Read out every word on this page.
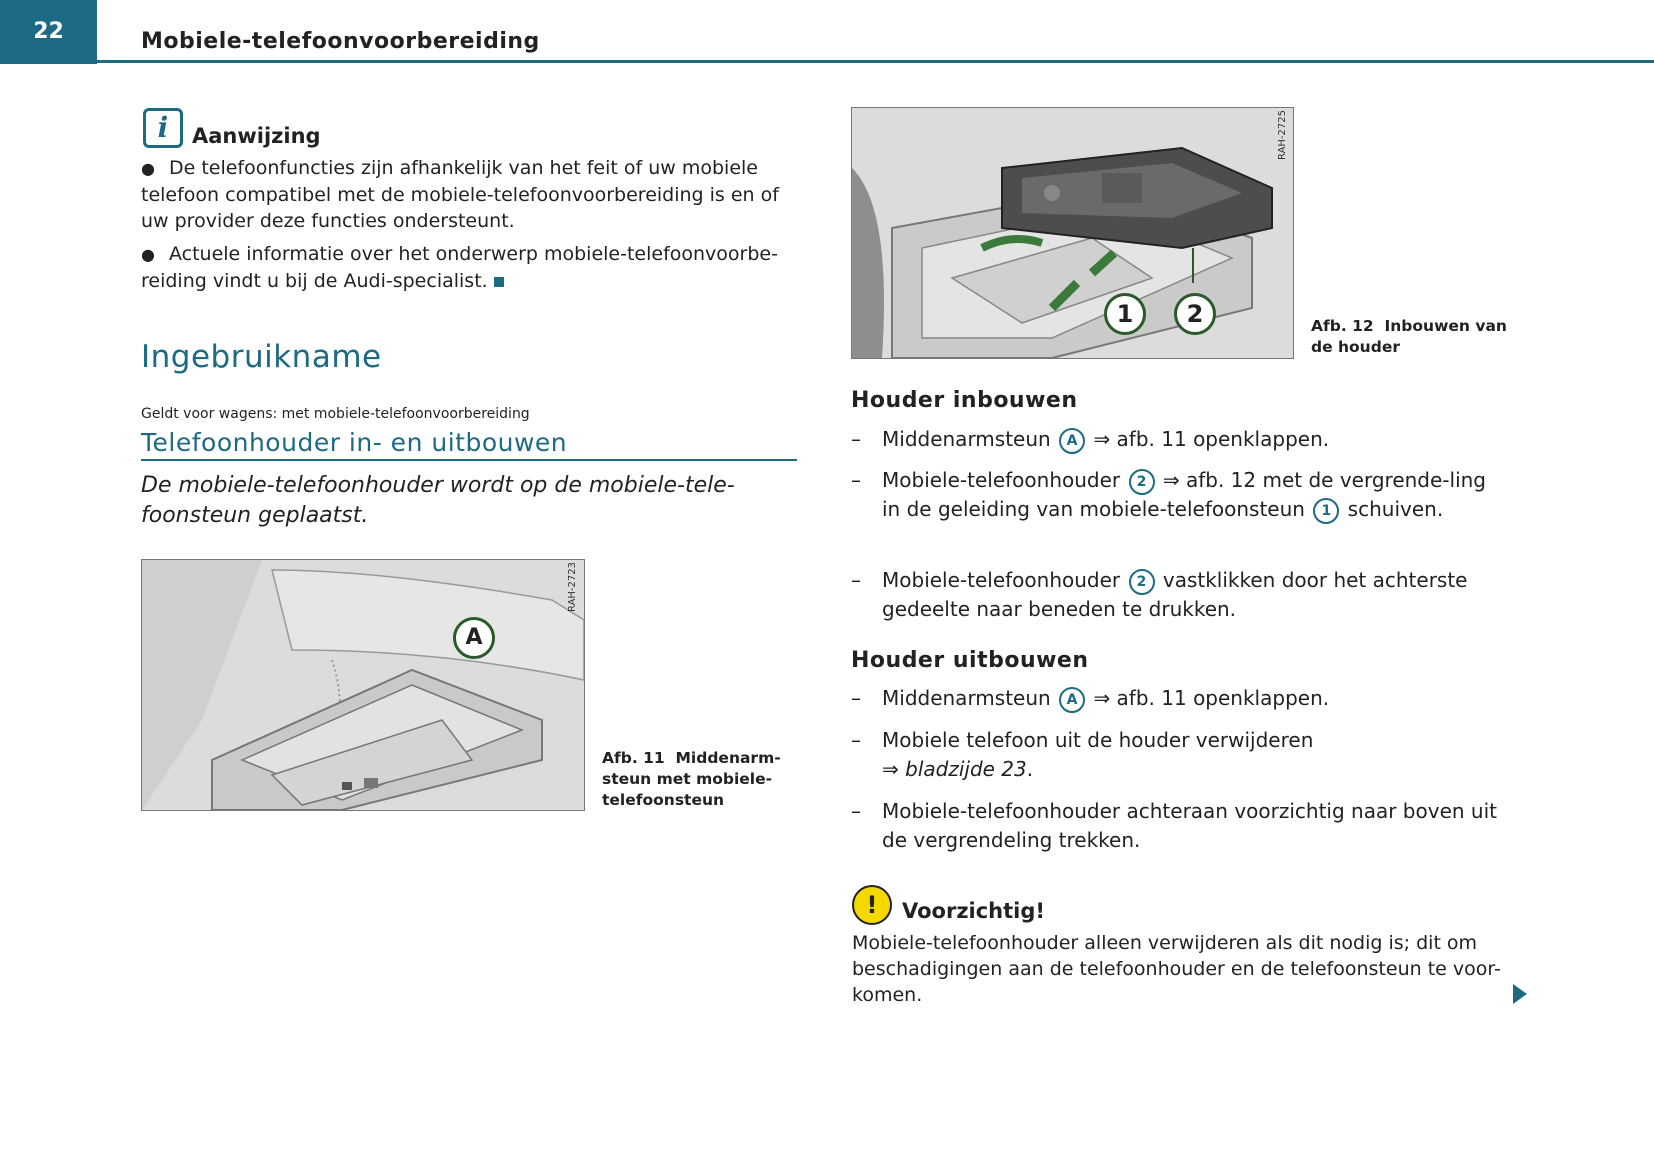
22	Mobiele-telefoonvoorbereiding
i	Aanwijzing
● De telefoonfuncties zijn afhankelijk van het feit of uw mobiele telefoon compatibel met de mobiele-telefoonvoorbereiding is en of uw provider deze functies ondersteunt.
● Actuele informatie over het onderwerp mobiele-telefoonvoorbe-reiding vindt u bij de Audi-specialist.
Ingebruikname
Geldt voor wagens: met mobiele-telefoonvoorbereiding
Telefoonhouder in- en uitbouwen
De mobiele-telefoonhouder wordt op de mobiele-tele-foonsteun geplaatst.
RAH-2723
A
Afb. 11 Middenarm-steun met mobiele-telefoonsteun
RAH-2725
1	2	Afb. 12 Inbouwen van de houder
Houder inbouwen
– Middenarmsteun A ⇒ afb. 11 openklappen.
– Mobiele-telefoonhouder 2 ⇒ afb. 12 met de vergrende-ling in de geleiding van mobiele-telefoonsteun 1 schuiven.
– Mobiele-telefoonhouder 2 vastklikken door het achterste gedeelte naar beneden te drukken.
Houder uitbouwen
– Middenarmsteun A ⇒ afb. 11 openklappen.
– Mobiele telefoon uit de houder verwijderen
⇒ bladzijde 23.
– Mobiele-telefoonhouder achteraan voorzichtig naar boven uit de vergrendeling trekken.
!	Voorzichtig!
Mobiele-telefoonhouder alleen verwijderen als dit nodig is; dit om beschadigingen aan de telefoonhouder en de telefoonsteun te voor-komen.
